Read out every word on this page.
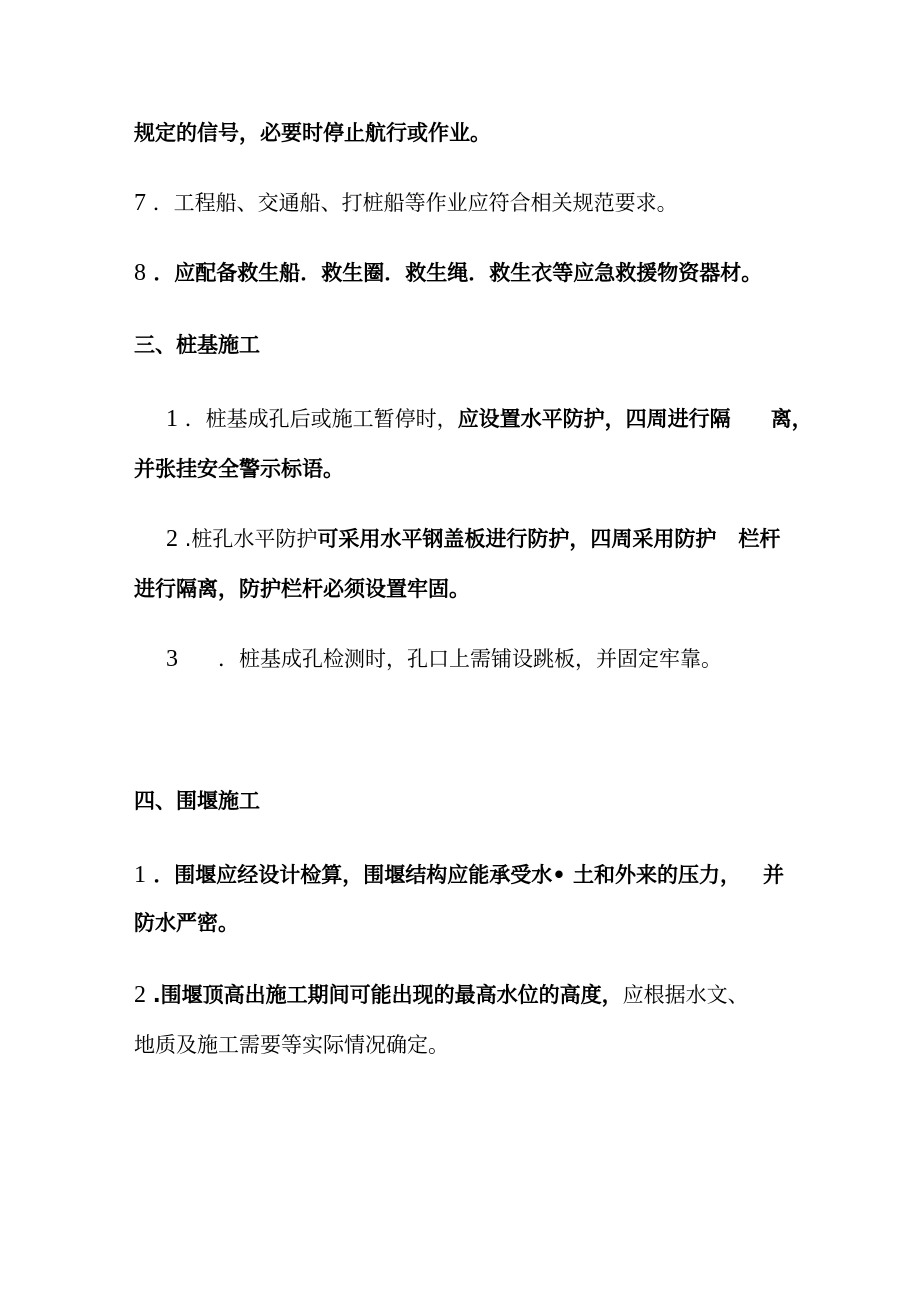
规定的信号，必要时停止航行或作业。
7 ．工程船、交通船、打桩船等作业应符合相关规范要求。
8 ．应配备救生船．救生圈．救生绳．救生衣等应急救援物资器材。
三、桩基施工
1 ．桩基成孔后或施工暂停时，应设置水平防护，四周进行隔 离，
并张挂安全警示标语。
2 .桩孔水平防护可采用水平钢盖板进行防护，四周采用防护 栏杆
进行隔离，防护栏杆必须设置牢固。
3 ．桩基成孔检测时，孔口上需铺设跳板，并固定牢靠。
四、围堰施工
1 ．围堰应经设计检算，围堰结构应能承受水• 土和外来的压力， 并
防水严密。
2 .围堰顶高出施工期间可能出现的最高水位的高度，应根据水文、
地质及施工需要等实际情况确定。
